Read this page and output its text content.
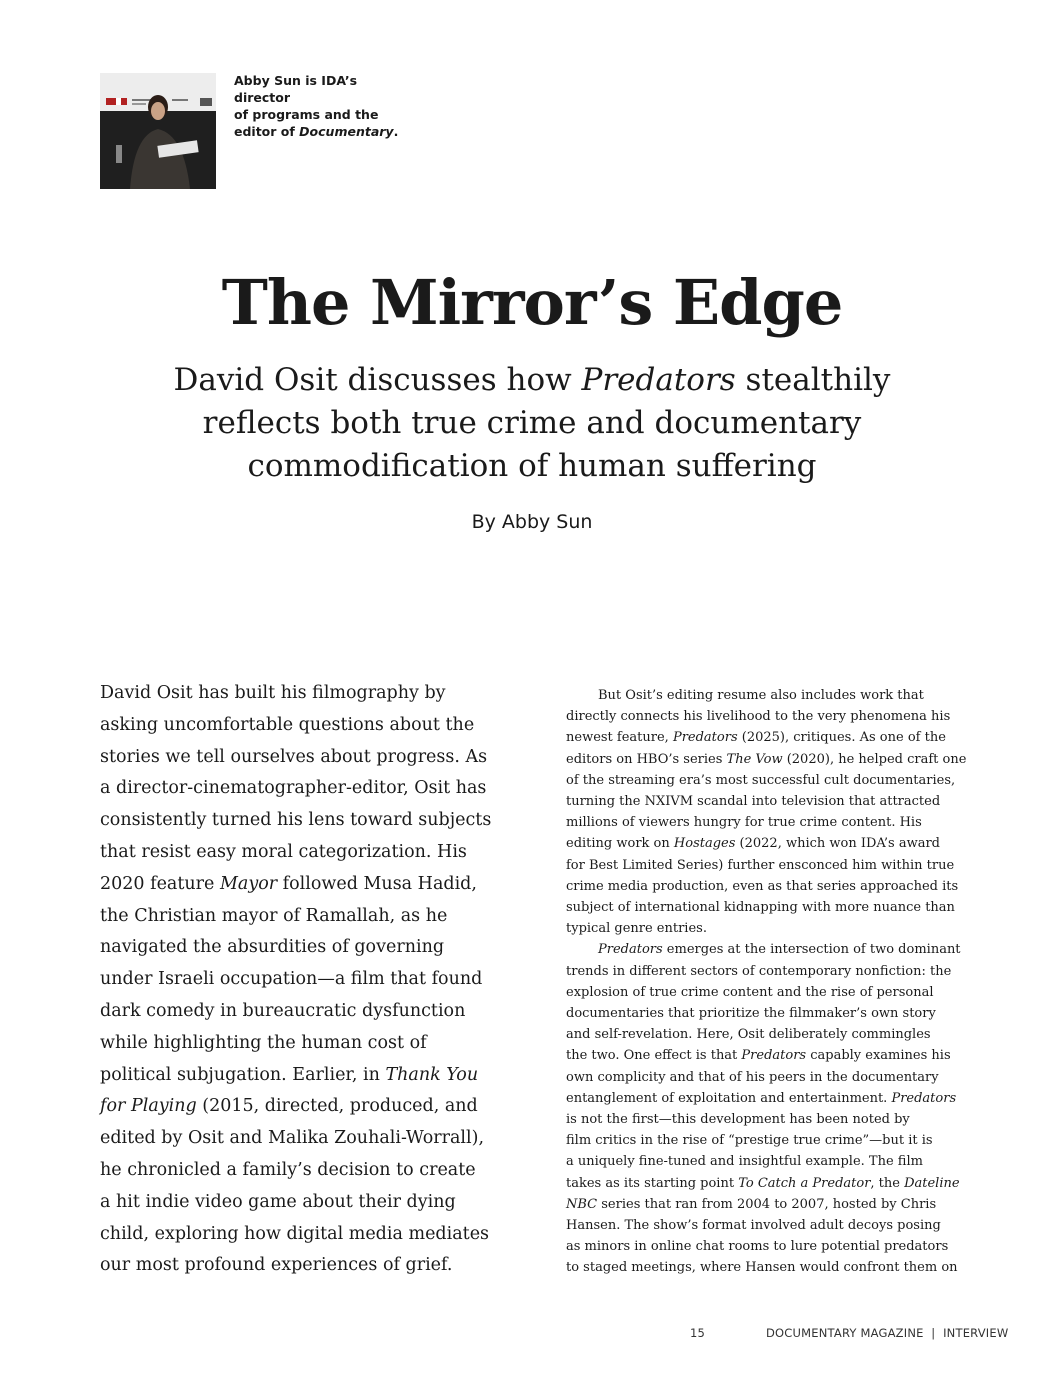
Abby Sun is IDA’s director
of programs and the
editor of Documentary.
The Mirror’s Edge
David Osit discusses how Predators stealthily
reflects both true crime and documentary
commodification of human suffering
By Abby Sun
David Osit has built his filmography by
asking uncomfortable questions about the
stories we tell ourselves about progress. As
a director-cinematographer-editor, Osit has
consistently turned his lens toward subjects
that resist easy moral categorization. His
2020 feature Mayor followed Musa Hadid,
the Christian mayor of Ramallah, as he
navigated the absurdities of governing
under Israeli occupation—a film that found
dark comedy in bureaucratic dysfunction
while highlighting the human cost of
political subjugation. Earlier, in Thank You
for Playing (2015, directed, produced, and
edited by Osit and Malika Zouhali-Worrall),
he chronicled a family’s decision to create
a hit indie video game about their dying
child, exploring how digital media mediates
our most profound experiences of grief.
But Osit’s editing resume also includes work that
directly connects his livelihood to the very phenomena his
newest feature, Predators (2025), critiques. As one of the
editors on HBO’s series The Vow (2020), he helped craft one
of the streaming era’s most successful cult documentaries,
turning the NXIVM scandal into television that attracted
millions of viewers hungry for true crime content. His
editing work on Hostages (2022, which won IDA’s award
for Best Limited Series) further ensconced him within true
crime media production, even as that series approached its
subject of international kidnapping with more nuance than
typical genre entries.
Predators emerges at the intersection of two dominant
trends in different sectors of contemporary nonfiction: the
explosion of true crime content and the rise of personal
documentaries that prioritize the filmmaker’s own story
and self-revelation. Here, Osit deliberately commingles
the two. One effect is that Predators capably examines his
own complicity and that of his peers in the documentary
entanglement of exploitation and entertainment. Predators
is not the first—this development has been noted by
film critics in the rise of “prestige true crime”—but it is
a uniquely fine-tuned and insightful example. The film
takes as its starting point To Catch a Predator, the Dateline
NBC series that ran from 2004 to 2007, hosted by Chris
Hansen. The show’s format involved adult decoys posing
as minors in online chat rooms to lure potential predators
to staged meetings, where Hansen would confront them on
15	DOCUMENTARY MAGAZINE  |  INTERVIEW
